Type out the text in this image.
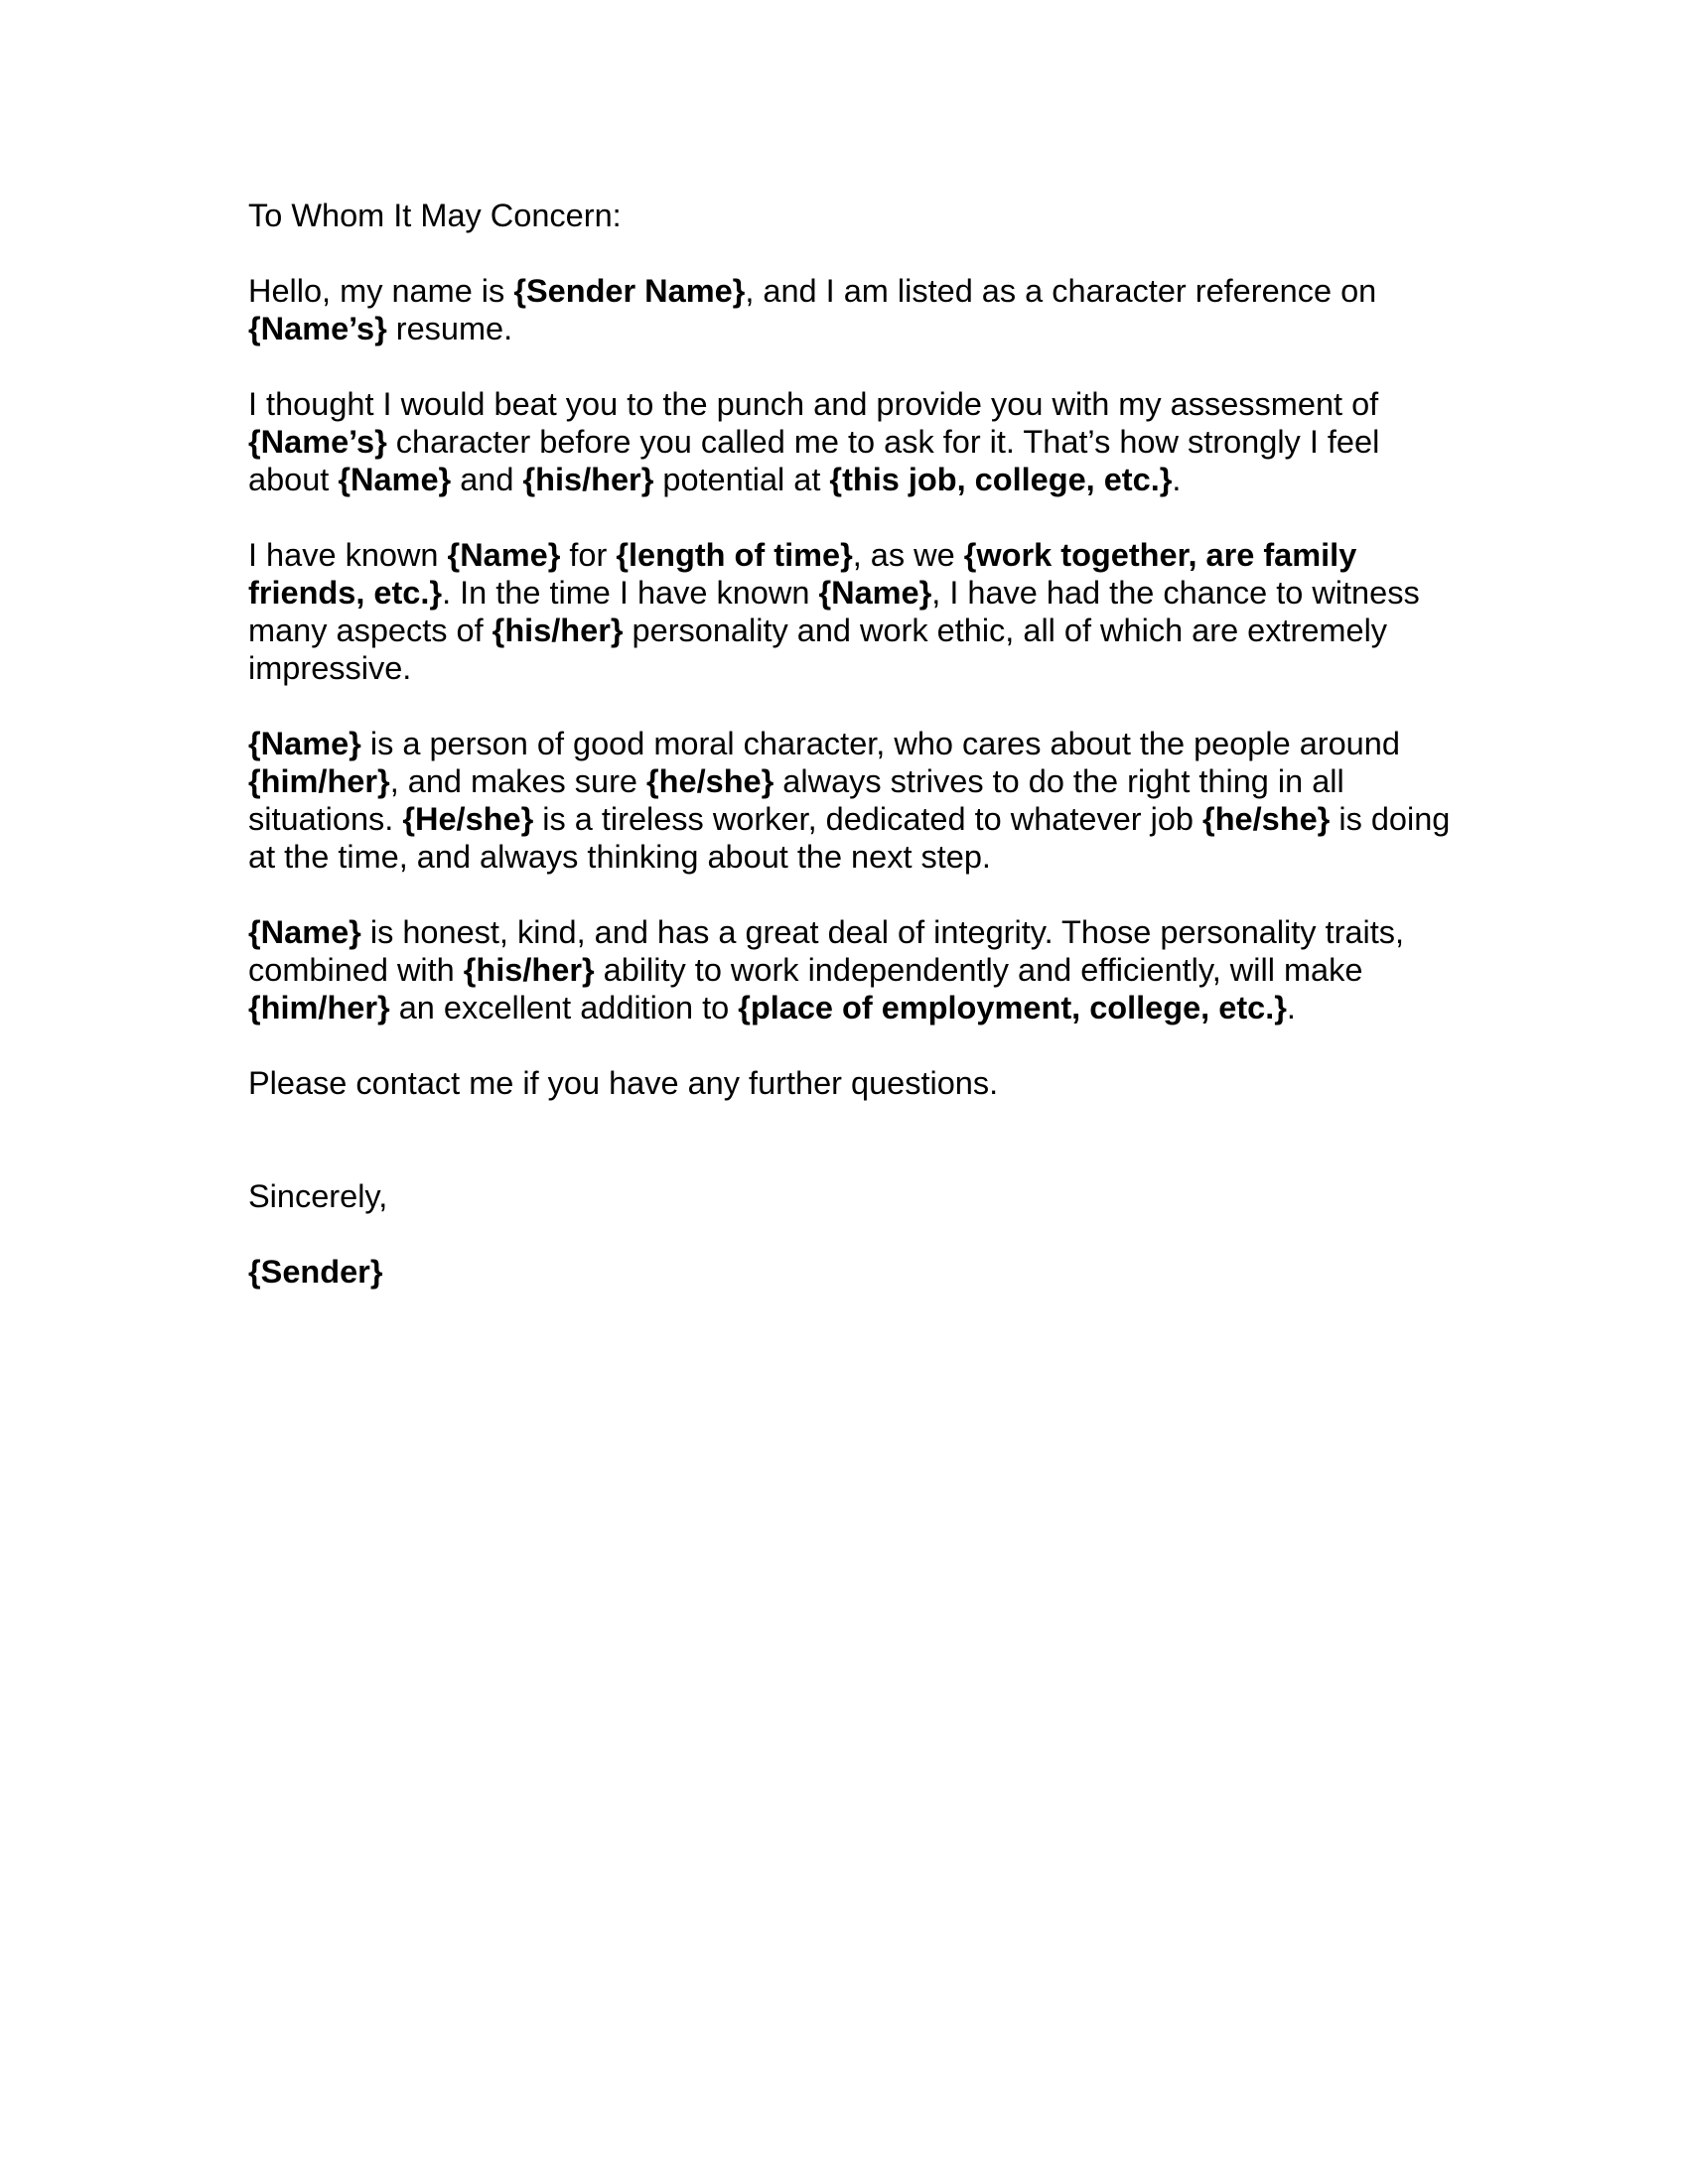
To Whom It May Concern:

Hello, my name is {Sender Name}, and I am listed as a character reference on {Name’s} resume.

I thought I would beat you to the punch and provide you with my assessment of {Name’s} character before you called me to ask for it. That’s how strongly I feel about {Name} and {his/her} potential at {this job, college, etc.}.

I have known {Name} for {length of time}, as we {work together, are family friends, etc.}. In the time I have known {Name}, I have had the chance to witness many aspects of {his/her} personality and work ethic, all of which are extremely impressive.

{Name} is a person of good moral character, who cares about the people around {him/her}, and makes sure {he/she} always strives to do the right thing in all situations. {He/she} is a tireless worker, dedicated to whatever job {he/she} is doing at the time, and always thinking about the next step.

{Name} is honest, kind, and has a great deal of integrity. Those personality traits, combined with {his/her} ability to work independently and efficiently, will make {him/her} an excellent addition to {place of employment, college, etc.}.

Please contact me if you have any further questions.

Sincerely,

{Sender}
